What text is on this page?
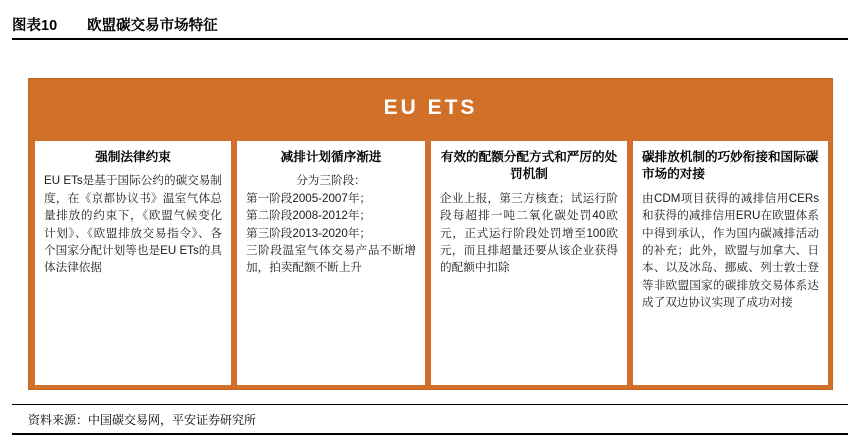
图表10 欧盟碳交易市场特征
EU ETS
强制法律约束

EU ETs是基于国际公约的碳交易制度，在《京都协议书》温室气体总量排放的约束下，《欧盟气候变化计划》、《欧盟排放交易指令》、各个国家分配计划等也是EU ETs的具体法律依据

减排计划循序渐进

分为三阶段：

第一阶段2005-2007年；

第二阶段2008-2012年；

第三阶段2013-2020年；

三阶段温室气体交易产品不断增加，拍卖配额不断上升

有效的配额分配方式和严厉的处罚机制

企业上报，第三方核查；试运行阶段每超排一吨二氧化碳处罚40欧元，正式运行阶段处罚增至100欧元，而且排超量还要从该企业获得的配额中扣除

碳排放机制的巧妙衔接和国际碳市场的对接

由CDM项目获得的减排信用CERs和获得的减排信用ERU在欧盟体系中得到承认，作为国内碳减排活动的补充；此外，欧盟与加拿大、日本、以及冰岛、挪威、列士敦士登等非欧盟国家的碳排放交易体系达成了双边协议实现了成功对接

资料来源：中国碳交易网，平安证券研究所
